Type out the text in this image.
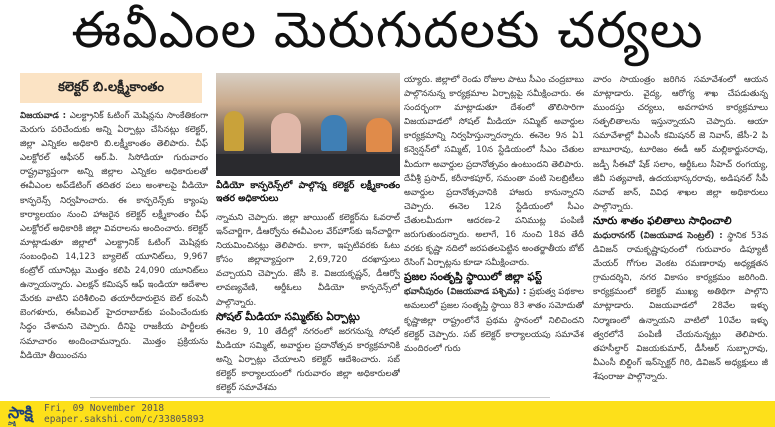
ఈవీఎంల మెరుగుదలకు చర్యలు
కలెక్టర్ బి.లక్ష్మీకాంతం

విజయవాడ : ఎలక్ట్రానిక్ ఓటింగ్ మెషిన్లను సాంకేతికంగా మెరుగు పరిచేందుకు అన్ని ఏర్పాట్లు చేసినట్లు కలెక్టర్, జిల్లా ఎన్నికల అధికారి బి.లక్ష్మీకాంతం తెలిపారు. చీఫ్ ఎలక్టోరల్ ఆఫీసర్ ఆర్.పి. సిసోడియా గురువారం రాష్ట్రవ్యాప్తంగా అన్ని జిల్లాల ఎన్నికల అధికారులతో ఈవీఎంల అప్‌డేటింగ్ తదితర పలు అంశాలపై వీడియో కాన్ఫరెన్స్ నిర్వహించారు. ఈ కాన్ఫరెన్స్‌కు క్యాంపు కార్యాలయం నుంచి హాజరైన కలెక్టర్ లక్ష్మీకాంతం చీఫ్ ఎలక్టోరల్ అధికారికి జిల్లా వివరాలను అందించారు. కలెక్టర్ మాట్లాడుతూ జిల్లాలో ఎలక్ట్రానిక్ ఓటింగ్ మెషిన్లకు సంబంధించి 14,123 బ్యాలెట్ యూనిట్‌లు, 9,967 కంట్రోల్ యూనిట్లు మొత్తం కలిపి 24,090 యూనిట్‌లు ఉన్నాయన్నారు. ఎలక్షన్ కమిషన్ ఆఫ్ ఇండియా ఆదేశాల మేరకు వాటిని పరిశీలించి తయారీదారులైన బెల్ కంపెనీ బెంగళూరు, ఈసీఐఎల్ హైదరాబాద్‌కు పంపించేందుకు సిద్ధం చేశామని చెప్పారు. దీనిపై రాజకీయ పార్టీలకు సమాచారం అందించామన్నారు. మొత్తం ప్రక్రియను వీడియో తీయించను

వీడియో కాన్ఫరెన్స్‌లో పాల్గొన్న కలెక్టర్ లక్ష్మీకాంతం ఇతర అధికారులు

న్నామని చెప్పారు. జిల్లా జాయింట్ కలెక్టర్‌ను ఓవరాల్ ఇన్‌చార్జిగా, డీఆర్వోను ఈవీఎంల వేర్‌హౌస్‌కు ఇన్‌చార్జిగా నియమించినట్లు తెలిపారు. కాగా, ఇప్పటివరకు ఓటు కోసం జిల్లావ్యాప్తంగా 2,69,720 దరఖాస్తులు వచ్చాయని చెప్పారు. జేసీ కె. విజయకృష్ణన్, డీఆర్వో లావణ్యవేణి, ఆర్డీఓలు వీడియో కాన్ఫరెన్స్‌లో పాల్గొన్నారు.

సోషల్ మీడియా సమ్మిట్‌కు ఏర్పాట్లు

ఈనెల 9, 10 తేదీల్లో నగరంలో జరగనున్న సోషల్ మీడియా సమ్మిట్, అవార్డుల ప్రదానోత్సవ కార్యక్రమానికి అన్ని ఏర్పాట్లు చేయాలని కలెక్టర్ ఆదేశించారు. సబ్ కలెక్టర్ కార్యాలయంలో గురువారం జిల్లా అధికారులతో కలెక్టర్ సమావేశమ

య్యారు. జిల్లాలో రెండు రోజుల పాటు సీఎం చంద్రబాబు పాల్గొననున్న కార్యక్రమాల ఏర్పాట్లపై సమీక్షించారు. ఈ సందర్భంగా మాట్లాడుతూ దేశంలో తొలిసారిగా విజయవాడలో సోషల్ మీడియా సమ్మిట్ అవార్డుల కార్యక్రమాన్ని నిర్వహిస్తున్నారన్నారు. ఈనెల 9న ఏ1 కన్వెన్షన్‌లో సమ్మిట్, 10న స్టేడియంలో సీఎం చేతుల మీదుగా అవార్డుల ప్రదానోత్సవం ఉంటుందని తెలిపారు. దేవీశ్రీ ప్రసాద్, కరీనాకపూర్, సమంతా వంటి సెలబ్రిటీలు అవార్డుల ప్రదానోత్సవానికి హాజరు కానున్నారని చెప్పారు. ఈనెల 12న స్టేడియంలో సీఎం చేతులమీదుగా ఆదరణ-2 పనిముట్ల పంపిణీ జరుగుతుందన్నారు. అలాగే, 16 నుంచి 18వ తేదీ వరకు కృష్ణా నదిలో జరపతలపెట్టిన అంతర్జాతీయ బోట్ రేసింగ్ ఏర్పాట్లను కూడా సమీక్షించారు.

ప్రజల సంతృప్తి స్థాయిలో జిల్లా ఫస్ట్

భవానీపురం (విజయవాడ పశ్చిమ) : ప్రభుత్వ పథకాల అమలులో ప్రజల సంతృప్తి స్థాయి 83 శాతం సమోదుతో కృష్ణాజిల్లా రాష్ట్రంలోనే ప్రథమ స్థానంలో నిలిచిందని కలెక్టర్ చెప్పారు. సబ్ కలెక్టర్ కార్యాలయపు సమావేశ మందిరంలో గురు

వారం సాయంత్రం జరిగిన సమావేశంలో ఆయన మాట్లాడారు. వైద్య, ఆరోగ్య శాఖ చేపడుతున్న ముందస్తు చర్యలు, అవగాహన కార్యక్రమాలు సత్ఫలితాలను ఇస్తున్నాయని చెప్పారు. ఆయా సమావేశాల్లో వీఎంసీ కమిషనర్ జె నివాస్, జేసీ-2 పి బాబూరావు, టూరిజం ఈడీ ఆర్ మల్లికార్జునరావు, జడ్పీ సీఈవో షేక్ సలాం, ఆర్డీఓలు సీహెచ్ రంగయ్య, జీవీ సత్యవాణి, ఉదయభాస్కరరావు, అడిషనల్ సీపీ నవాబ్ జాన్, వివిధ శాఖల జిల్లా అధికారులు పాల్గొన్నారు.

నూరు శాతం ఫలితాలు సాధించాలి

మధురానగర్ (విజయవాడ సెంట్రల్) : స్థానిక 53వ డివిజన్ రామకృష్ణాపురంలో గురువారం డిప్యూటీ మేయర్ గోగుల వెంకట రమణారావు అధ్యక్షతన గ్రామదర్శిని, నగర వికాసం కార్యక్రమం జరిగింది. కార్యక్రమంలో కలెక్టర్ ముఖ్య అతిథిగా పాల్గొని మాట్లాడారు. విజయవాడలో 28వేల ఇళ్ళు నిర్మాణంలో ఉన్నాయని వాటిలో 10వేల ఇళ్ళు త్వరలోనే పంపిణీ చేయనున్నట్లు తెలిపారు. తహసీల్దార్ విజయకుమార్, డీసీఆర్ సుబ్బారావు, వీఎంసీ బిల్డింగ్ ఇన్‌స్పెక్టర్ గిరి, డివిజన్ అధ్యక్షులు జీ శేషంరాజు పాల్గొన్నారు.

సాక్షి
సాక్షి
Fri, 09 November 2018
epaper.sakshi.com/c/33805893
